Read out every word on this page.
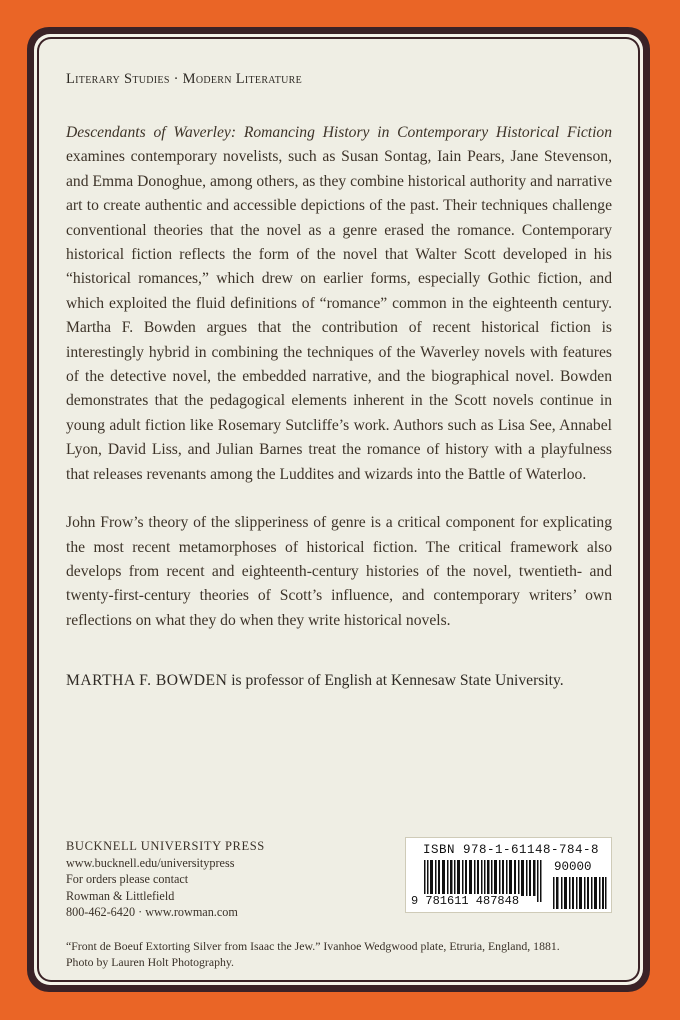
Literary Studies · Modern Literature

Descendants of Waverley: Romancing History in Contemporary Historical Fiction examines contemporary novelists, such as Susan Sontag, Iain Pears, Jane Stevenson, and Emma Donoghue, among others, as they combine historical authority and narrative art to create authentic and accessible depictions of the past. Their techniques challenge conventional theories that the novel as a genre erased the romance. Contemporary historical fiction reflects the form of the novel that Walter Scott developed in his “historical romances,” which drew on earlier forms, especially Gothic fiction, and which exploited the fluid definitions of “romance” common in the eighteenth century. Martha F. Bowden argues that the contribution of recent historical fiction is interestingly hybrid in combining the techniques of the Waverley novels with features of the detective novel, the embedded narrative, and the biographical novel. Bowden demonstrates that the pedagogical elements inherent in the Scott novels continue in young adult fiction like Rosemary Sutcliffe’s work. Authors such as Lisa See, Annabel Lyon, David Liss, and Julian Barnes treat the romance of history with a playfulness that releases revenants among the Luddites and wizards into the Battle of Waterloo.

John Frow’s theory of the slipperiness of genre is a critical component for explicating the most recent metamorphoses of historical fiction. The critical framework also develops from recent and eighteenth-century histories of the novel, twentieth- and twenty-first-century theories of Scott’s influence, and contemporary writers’ own reflections on what they do when they write historical novels.

MARTHA F. BOWDEN is professor of English at Kennesaw State University.
BUCKNELL UNIVERSITY PRESS
www.bucknell.edu/universitypress
For orders please contact
Rowman & Littlefield
800-462-6420 · www.rowman.com
ISBN 978-1-61148-784-8
90000
9 781611 487848
“Front de Boeuf Extorting Silver from Isaac the Jew.” Ivanhoe Wedgwood plate, Etruria, England, 1881.
Photo by Lauren Holt Photography.
